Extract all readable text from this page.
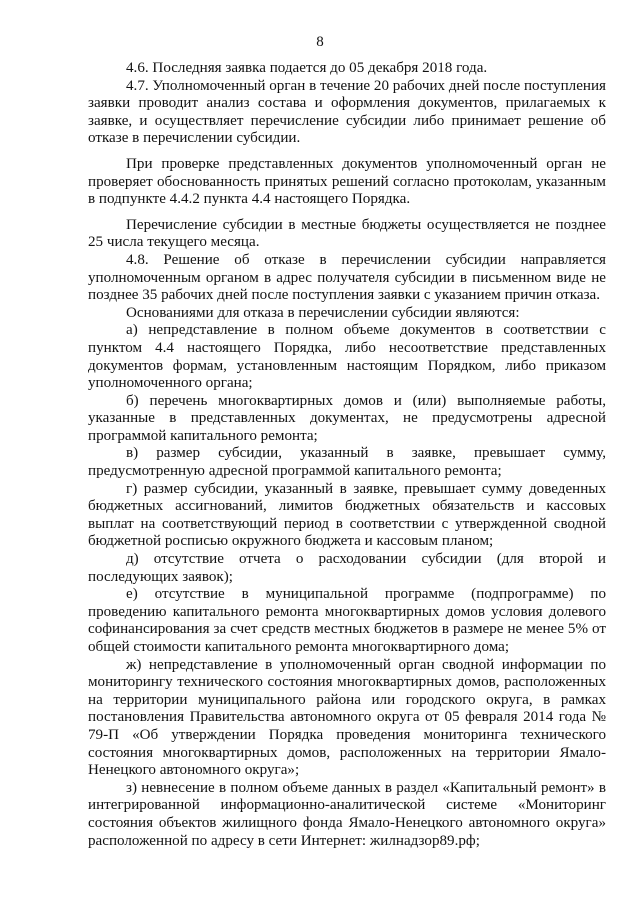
8

4.6. Последняя заявка подается до 05 декабря 2018 года.

4.7. Уполномоченный орган в течение 20 рабочих дней после поступления заявки проводит анализ состава и оформления документов, прилагаемых к заявке, и осуществляет перечисление субсидии либо принимает решение об отказе в перечислении субсидии.

При проверке представленных документов уполномоченный орган не проверяет обоснованность принятых решений согласно протоколам, указанным в подпункте 4.4.2 пункта 4.4 настоящего Порядка.

Перечисление субсидии в местные бюджеты осуществляется не позднее 25 числа текущего месяца.

4.8. Решение об отказе в перечислении субсидии направляется уполномоченным органом в адрес получателя субсидии в письменном виде не позднее 35 рабочих дней после поступления заявки с указанием причин отказа.

Основаниями для отказа в перечислении субсидии являются:

а) непредставление в полном объеме документов в соответствии с пунктом 4.4 настоящего Порядка, либо несоответствие представленных документов формам, установленным настоящим Порядком, либо приказом уполномоченного органа;

б) перечень многоквартирных домов и (или) выполняемые работы, указанные в представленных документах, не предусмотрены адресной программой капитального ремонта;

в) размер субсидии, указанный в заявке, превышает сумму, предусмотренную адресной программой капитального ремонта;

г) размер субсидии, указанный в заявке, превышает сумму доведенных бюджетных ассигнований, лимитов бюджетных обязательств и кассовых выплат на соответствующий период в соответствии с утвержденной сводной бюджетной росписью окружного бюджета и кассовым планом;

д) отсутствие отчета о расходовании субсидии (для второй и последующих заявок);

е) отсутствие в муниципальной программе (подпрограмме) по проведению капитального ремонта многоквартирных домов условия долевого софинансирования за счет средств местных бюджетов в размере не менее 5% от общей стоимости капитального ремонта многоквартирного дома;

ж) непредставление в уполномоченный орган сводной информации по мониторингу технического состояния многоквартирных домов, расположенных на территории муниципального района или городского округа, в рамках постановления Правительства автономного округа от 05 февраля 2014 года № 79-П «Об утверждении Порядка проведения мониторинга технического состояния многоквартирных домов, расположенных на территории Ямало-Ненецкого автономного округа»;

з) невнесение в полном объеме данных в раздел «Капитальный ремонт» в интегрированной информационно-аналитической системе «Мониторинг состояния объектов жилищного фонда Ямало-Ненецкого автономного округа» расположенной по адресу в сети Интернет: жилнадзор89.рф;
